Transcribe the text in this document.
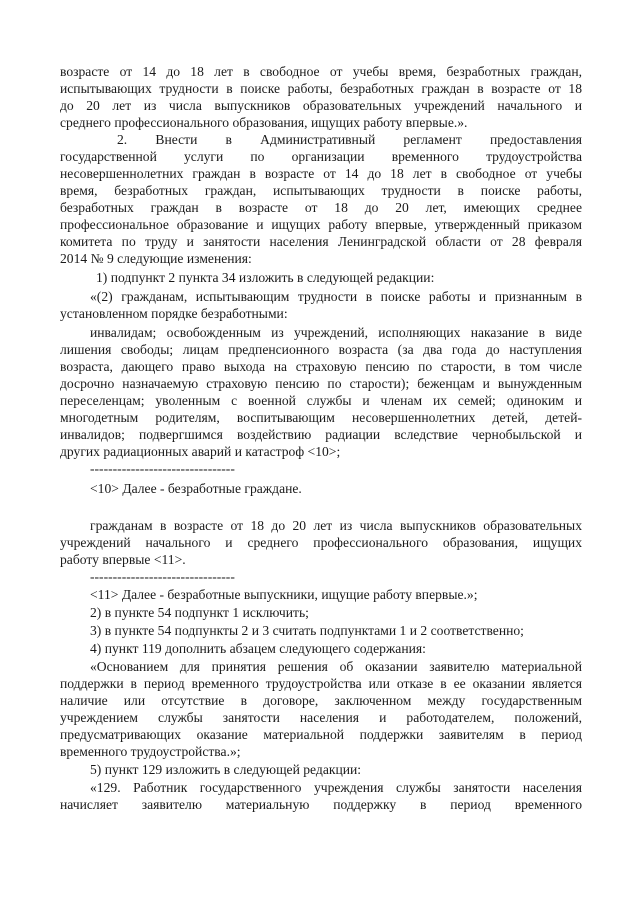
возрасте от 14 до 18 лет в свободное от учебы время, безработных граждан,
испытывающих трудности в поиске работы, безработных граждан в возрасте от 18
до 20 лет из числа выпускников образовательных учреждений начального и
среднего профессионального образования, ищущих работу впервые.».
2. Внести в Административный регламент предоставления
государственной услуги по организации временного трудоустройства
несовершеннолетних граждан в возрасте от 14 до 18 лет в свободное от учебы
время, безработных граждан, испытывающих трудности в поиске работы,
безработных граждан в возрасте от 18 до 20 лет, имеющих среднее
профессиональное образование и ищущих работу впервые, утвержденный приказом
комитета по труду и занятости населения Ленинградской области от 28 февраля
2014 № 9 следующие изменения:
1) подпункт 2 пункта 34 изложить в следующей редакции:
«(2) гражданам, испытывающим трудности в поиске работы и признанным в
установленном порядке безработными:
инвалидам; освобожденным из учреждений, исполняющих наказание в виде
лишения свободы; лицам предпенсионного возраста (за два года до наступления
возраста, дающего право выхода на страховую пенсию по старости, в том числе
досрочно назначаемую страховую пенсию по старости); беженцам и вынужденным
переселенцам; уволенным с военной службы и членам их семей; одиноким и
многодетным родителям, воспитывающим несовершеннолетних детей, детей-
инвалидов; подвергшимся воздействию радиации вследствие чернобыльской и
других радиационных аварий и катастроф <10>;
--------------------------------
<10> Далее - безработные граждане.
гражданам в возрасте от 18 до 20 лет из числа выпускников образовательных
учреждений начального и среднего профессионального образования, ищущих
работу впервые <11>.
--------------------------------
<11> Далее - безработные выпускники, ищущие работу впервые.»;
2) в пункте 54 подпункт 1 исключить;
3) в пункте 54 подпункты 2 и 3 считать подпунктами 1 и 2 соответственно;
4) пункт 119 дополнить абзацем следующего содержания:
«Основанием для принятия решения об оказании заявителю материальной
поддержки в период временного трудоустройства или отказе в ее оказании является
наличие или отсутствие в договоре, заключенном между государственным
учреждением службы занятости населения и работодателем, положений,
предусматривающих оказание материальной поддержки заявителям в период
временного трудоустройства.»;
5) пункт 129 изложить в следующей редакции:
«129. Работник государственного учреждения службы занятости населения
начисляет заявителю материальную поддержку в период временного
